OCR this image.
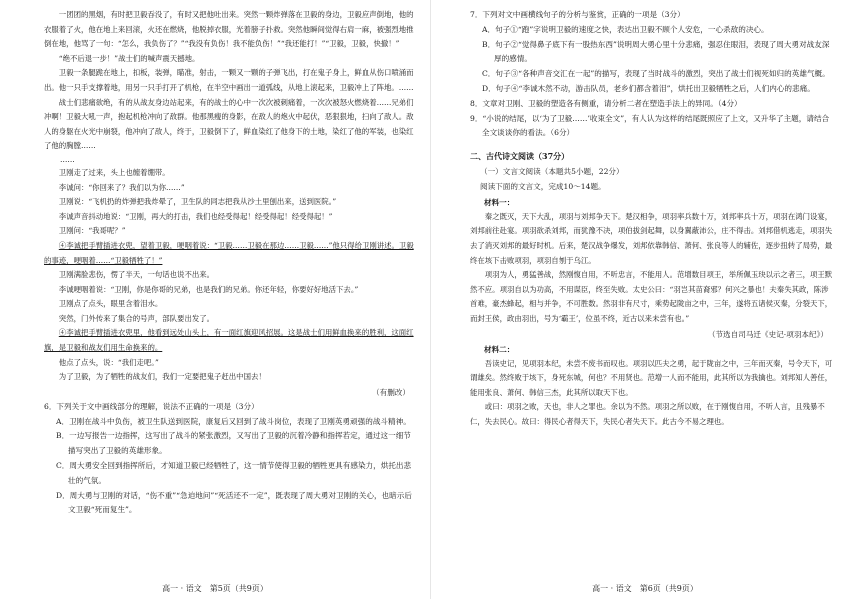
一团团的黑烟，有时把卫毅吞没了，有时又把他吐出来。突然一颗炸弹落在卫毅的身边，卫毅应声倒地，他的衣服着了火，他在地上来回滚，火还在燃烧，他脱掉衣服，光着膀子扑救。突然他瞬间觉得右肩一麻，被强烈地推倒在地，他骂了一句：“怎么，我负伤了？”“我没有负伤！我不能负伤！”“我还能打！”“卫毅，卫毅，快撤！”

“绝不后退一步！”战士们的喊声震天撼地。

卫毅一条腿跪在地上，扣板，装弹，瞄准，射击，一颗又一颗的子弹飞出，打在鬼子身上，鲜血从伤口喷涌而出。他一只手支撑着地，用另一只手打开了机枪，在半空中画出一道弧线，从地上滚起来，卫毅冲上了阵地。……

战士们悲痛欲绝，有的从战友身边站起来，有的战士的心中一次次被刺痛着，一次次被怒火燃烧着……兄弟们冲啊！卫毅大吼一声，抱起机枪冲向了敌群。他那黑瘦的身影，在敌人的炮火中起伏，恶狠狠地，扫向了敌人。敌人的身躯在火光中崩裂，他冲向了敌人，终于，卫毅倒下了，鲜血染红了他身下的土地，染红了他的军装，也染红了他的胸膛……

……

卫刚走了过来，头上也缠着绷带。

李诚问：“你回来了？我们以为你……”

卫刚说：“飞机扔的炸弹把我炸晕了，卫生队的同志把我从沙土里刨出来，送到医院。”

李诚声音抖动地说：“卫刚，再大的打击，我们也经受得起！经受得起！经受得起！”

卫刚问：“我哥呢？”

④李诚把手臂插进衣兜，望着卫毅，哽咽着说：“卫毅……卫毅在那边……卫毅……”他只得给卫刚讲述。卫毅的事迹，哽咽着……“卫毅牺牲了！”

卫刚满脸悲伤，愣了半天，一句话也说不出来。

李诚哽咽着说：“卫刚，你是你哥的兄弟，也是我们的兄弟。你还年轻，你要好好地活下去。”

卫刚点了点头，眼里含着泪水。

突然，门外传来了集合的号声，部队要出发了。

④李诚把手臂插进衣兜里，他看到远处山头上，有一面红旗迎风招展。这是战士们用鲜血换来的胜利，这面红旗，是卫毅和战友们用生命换来的。

他点了点头，说：“我们走吧。”

为了卫毅，为了牺牲的战友们，我们一定要把鬼子赶出中国去！

（有删改）

6．下列关于文中画线部分的理解，说法不正确的一项是（3分）

A．卫刚在战斗中负伤，被卫生队送到医院，康复后又回到了战斗岗位，表现了卫刚英勇顽强的战斗精神。

B．一边写报告一边指挥，这写出了战斗的紧张激烈，又写出了卫毅的沉着冷静和指挥若定，通过这一细节描写突出了卫毅的英雄形象。

C．周大勇安全回到指挥所后，才知道卫毅已经牺牲了，这一情节使得卫毅的牺牲更具有感染力，烘托出悲壮的气氛。

D．周大勇与卫刚的对话，“伤不重”“急迫地问”“死活还不一定”，既表现了周大勇对卫刚的关心，也暗示后文卫毅“死而复生”。

高一 · 语文　第5页（共9页）

7．下列对文中画横线句子的分析与鉴赏，正确的一项是（3分）

A．句子①“跑”字说明卫毅的速度之快，表达出卫毅不顾个人安危，一心杀敌的决心。

B．句子②“觉得鼻子底下有一股热东西”说明周大勇心里十分悲痛，强忍住眼泪，表现了周大勇对战友深厚的感情。

C．句子③“各种声音交汇在一起”的描写，表现了当时战斗的激烈，突出了战士们视死如归的英雄气概。

D．句子④“李诚木然不动，游击队员，老乡们都含着泪”，烘托出卫毅牺牲之后，人们内心的悲痛。

8．文章对卫刚、卫毅的塑造各有侧重，请分析二者在塑造手法上的异同。（4分）

9．“小说的结尾，以‘为了卫毅……’收束全文”，有人认为这样的结尾既照应了上文，又升华了主题，请结合全文谈谈你的看法。（6分）

二、古代诗文阅读（37分）

（一）文言文阅读（本题共5小题，22分）

阅读下面的文言文，完成10～14题。

材料一：

秦之既灭，天下大乱，项羽与刘邦争天下。楚汉相争，项羽率兵数十万，刘邦率兵十万，项羽在鸿门设宴，刘邦前往赴宴。项羽欲杀刘邦，而犹豫不决，项伯拔剑起舞，以身翼蔽沛公，庄不得击。刘邦借机逃走，项羽失去了消灭刘邦的最好时机。后来，楚汉战争爆发，刘邦依靠韩信、萧何、张良等人的辅佐，逐步扭转了局势，最终在垓下击败项羽，项羽自刎于乌江。

项羽为人，勇猛善战，然刚愎自用，不听忠言，不能用人。范增数目项王，举所佩玉玦以示之者三，项王默然不应。项羽自以为功高，不用谋臣，终至失败。太史公曰：“羽岂其苗裔邪？何兴之暴也！夫秦失其政，陈涉首难，豪杰蜂起，相与并争，不可胜数。然羽非有尺寸，乘势起陇亩之中，三年，遂将五诸侯灭秦，分裂天下，而封王侯，政由羽出，号为‘霸王’，位虽不终，近古以来未尝有也。”

（节选自司马迁《史记·项羽本纪》）

材料二：

吾读史记，见项羽本纪，未尝不废书而叹也。项羽以匹夫之勇，起于陇亩之中，三年而灭秦，号令天下，可谓雄矣。然终败于垓下，身死东城，何也？不用贤也。范增一人而不能用，此其所以为我擒也。刘邦知人善任，能用张良、萧何、韩信三杰，此其所以取天下也。

或曰：项羽之败，天也，非人之罪也。余以为不然。项羽之所以败，在于刚愎自用，不听人言，且残暴不仁，失去民心。故曰：得民心者得天下，失民心者失天下。此古今不易之理也。

高一 · 语文　第6页（共9页）
